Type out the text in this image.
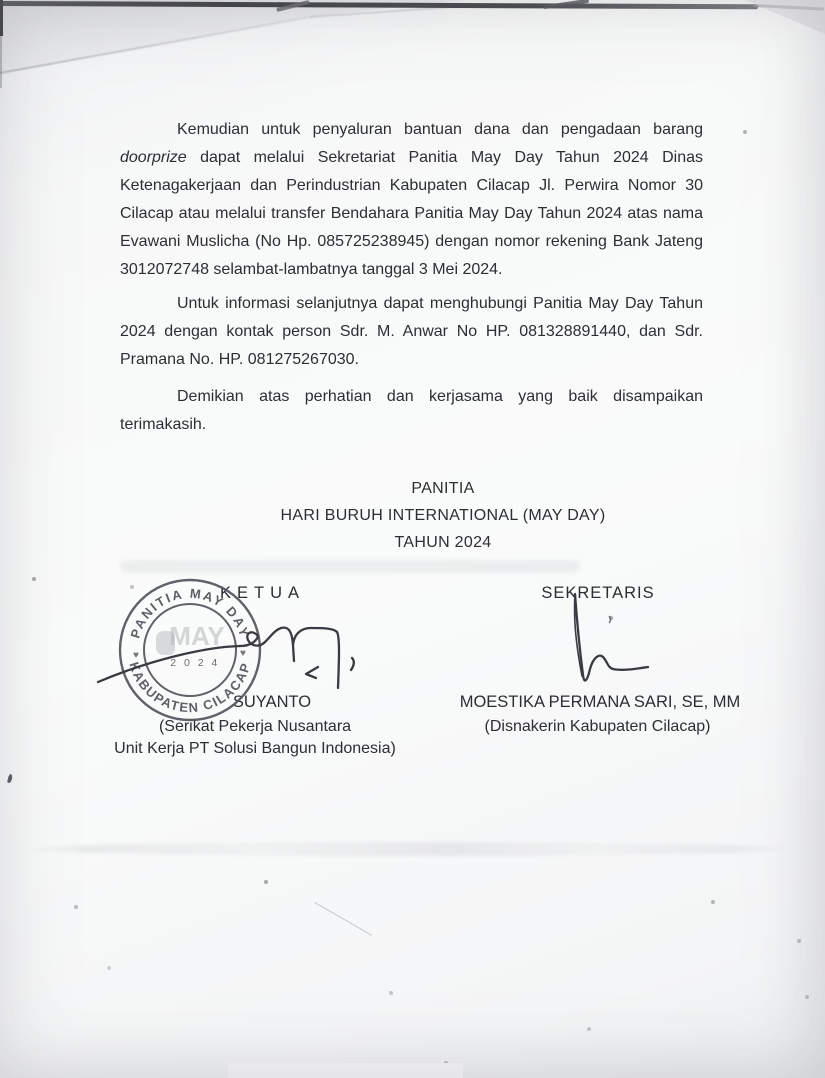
Kemudian untuk penyaluran bantuan dana dan pengadaan barang doorprize dapat melalui Sekretariat Panitia May Day Tahun 2024 Dinas Ketenagakerjaan dan Perindustrian Kabupaten Cilacap Jl. Perwira Nomor 30 Cilacap atau melalui transfer Bendahara Panitia May Day Tahun 2024 atas nama Evawani Muslicha (No Hp. 085725238945) dengan nomor rekening Bank Jateng 3012072748 selambat-lambatnya tanggal 3 Mei 2024.

Untuk informasi selanjutnya dapat menghubungi Panitia May Day Tahun 2024 dengan kontak person Sdr. M. Anwar No HP. 081328891440, dan Sdr. Pramana No. HP. 081275267030.

Demikian atas perhatian dan kerjasama yang baik disampaikan terimakasih.

PANITIA
HARI BURUH INTERNATIONAL (MAY DAY)
TAHUN 2024
KETUA	SEKRETARIS
SUYANTO	MOESTIKA PERMANA SARI, SE, MM
(Serikat Pekerja Nusantara
Unit Kerja PT Solusi Bangun Indonesia)
(Disnakerin Kabupaten Cilacap)
PANITIA MAY DAY
KABUPATEN CILACAP
♥	♥
MAY
2 0 2 4
